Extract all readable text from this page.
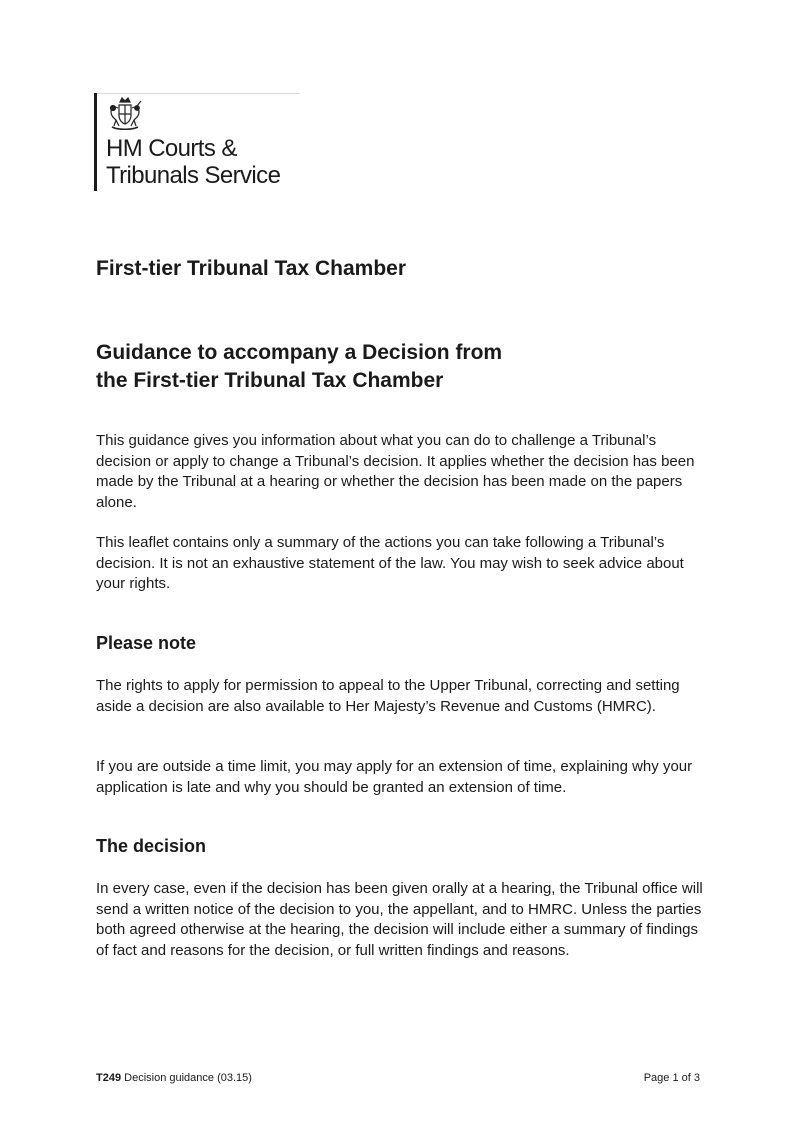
HM Courts &
Tribunals Service
First-tier Tribunal Tax Chamber
Guidance to accompany a Decision from
the First-tier Tribunal Tax Chamber

This guidance gives you information about what you can do to challenge a Tribunal’s decision or apply to change a Tribunal’s decision. It applies whether the decision has been made by the Tribunal at a hearing or whether the decision has been made on the papers alone.

This leaflet contains only a summary of the actions you can take following a Tribunal’s decision. It is not an exhaustive statement of the law. You may wish to seek advice about your rights.

Please note

The rights to apply for permission to appeal to the Upper Tribunal, correcting and setting aside a decision are also available to Her Majesty’s Revenue and Customs (HMRC).

If you are outside a time limit, you may apply for an extension of time, explaining why your application is late and why you should be granted an extension of time.

The decision

In every case, even if the decision has been given orally at a hearing, the Tribunal office will send a written notice of the decision to you, the appellant, and to HMRC. Unless the parties both agreed otherwise at the hearing, the decision will include either a summary of findings of fact and reasons for the decision, or full written findings and reasons.

T249 Decision guidance (03.15)	Page 1 of 3
